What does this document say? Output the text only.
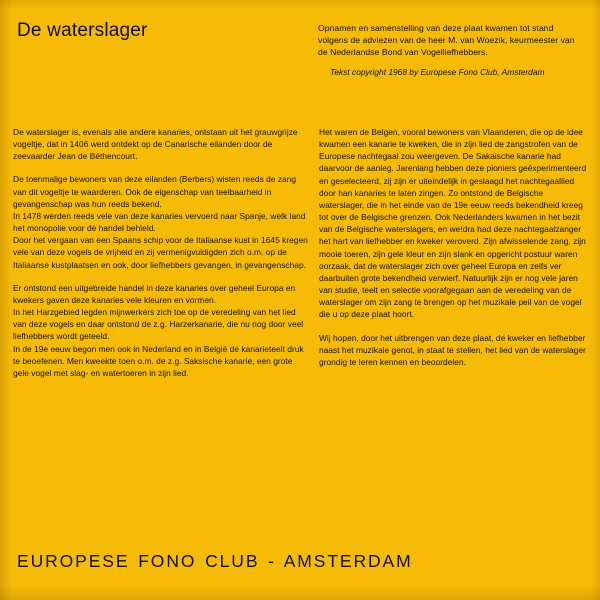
De waterslager	Opnamen en samenstelling van deze plaat kwamen tot stand volgens de adviezen van de heer M. van Woezik, keurmeester van de Nederlandse Bond van Vogelliefhebbers.
Tekst copyright 1968 by Europese Fono Club, Amsterdam

De waterslager is, evenals alle andere kanaries, ontstaan uit het grauwgrijze vogeltje, dat in 1406 werd ontdekt op de Canarische eilanden door de zeevaarder Jean de Béthencourt.

De toenmalige bewoners van deze eilanden (Berbers) wisten reeds de zang van dit vogeltje te waarderen. Ook de eigenschap van teelbaarheid in gevangenschap was hun reeds bekend.

In 1478 werden reeds vele van deze kanaries vervoerd naar Spanje, welk land het monopolie voor de handel behield.

Door het vergaan van een Spaans schip voor de Italiaanse kust in 1645 kregen vele van deze vogels de vrijheid en zij vermenigvuldigden zich o.m. op de Italiaanse kustplaatsen en ook, door liefhebbers gevangen, in gevangenschap.

Er ontstond een uitgebreide handel in deze kanaries over geheel Europa en kwekers gaven deze kanaries vele kleuren en vormen.

In het Harzgebied legden mijnwerkers zich toe op de veredeling van het lied van deze vogels en daar ontstond de z.g. Harzerkanarie, die nu nog door veel liefhebbers wordt geteeld.

In de 19e eeuw begon men ook in Nederland en in België de kanarieteelt druk te beoefenen. Men kweekte toen o.m. de z.g. Saksische kanarie, een grote gele vogel met slag- en watertoeren in zijn lied.

Het waren de Belgen, vooral bewoners van Vlaanderen, die op de idee kwamen een kanarie te kweken, die in zijn lied de zangstrofen van de Europese nachtegaal zou weergeven. De Sakaische kanarie had daarvoor de aanleg. Jarenlang hebben deze pioniers geëxperimenteerd en geselecteerd, zij zijn er uiteindelijk in geslaagd het nachtegaallied door han kanaries te laten zingen. Zo ontstond de Belgische waterslager, die in het einde van de 19e eeuw reeds bekendheid kreeg tot over de Belgische grenzen. Ook Nederlanders kwamen in het bezit van de Belgische waterslagers, en we!dra had deze nachtegaalzanger het hart van liefhebber en kweker veroverd. Zijn afwisselende zang, zijn mooie toeren, zijn gele kleur en zijn slank en opgericht postuur waren oorzaak, dat de waterslager zich over geheel Europa en zelfs ver daarbuiten grote bekendheid verwierf. Natuurlijk zijn er nog vele jaren van studie, teelt en selectie voorafgegaan aan de veredeling van de waterslager om zijn zang te brengen op het muzikale peil van de vogel die u op deze plaat hoort.

Wij hopen, door het uitbrengen van deze plaat, de kweker en liefhebber naast het muzikale genot, in staat te stellen, het lied van de waterslager grondig te leren kennen en beoordelen.

EUROPESE FONO CLUB - AMSTERDAM
